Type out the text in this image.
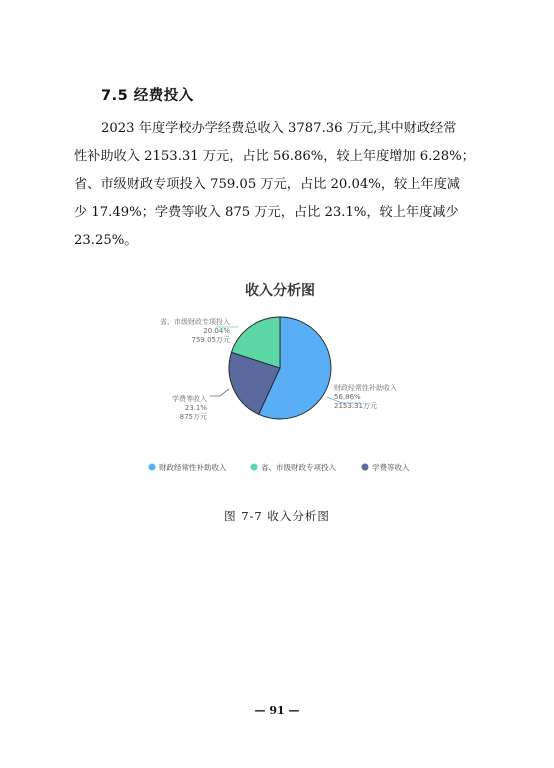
7.5 经费投入

2023 年度学校办学经费总收入 3787.36 万元,其中财政经常
性补助收入 2153.31 万元，占比 56.86%，较上年度增加 6.28%；
省、市级财政专项投入 759.05 万元，占比 20.04%，较上年度减
少 17.49%；学费等收入 875 万元，占比 23.1%，较上年度减少
23.25%。

收入分析图
财政经常性补助收入
56.86%
2153.31万元
省、市级财政专项投入
20.04%
759.05万元
学费等收入
23.1%
875万元
财政经常性补助收入	省、市级财政专项投入	学费等收入
图 7-7 收入分析图
— 91 —
